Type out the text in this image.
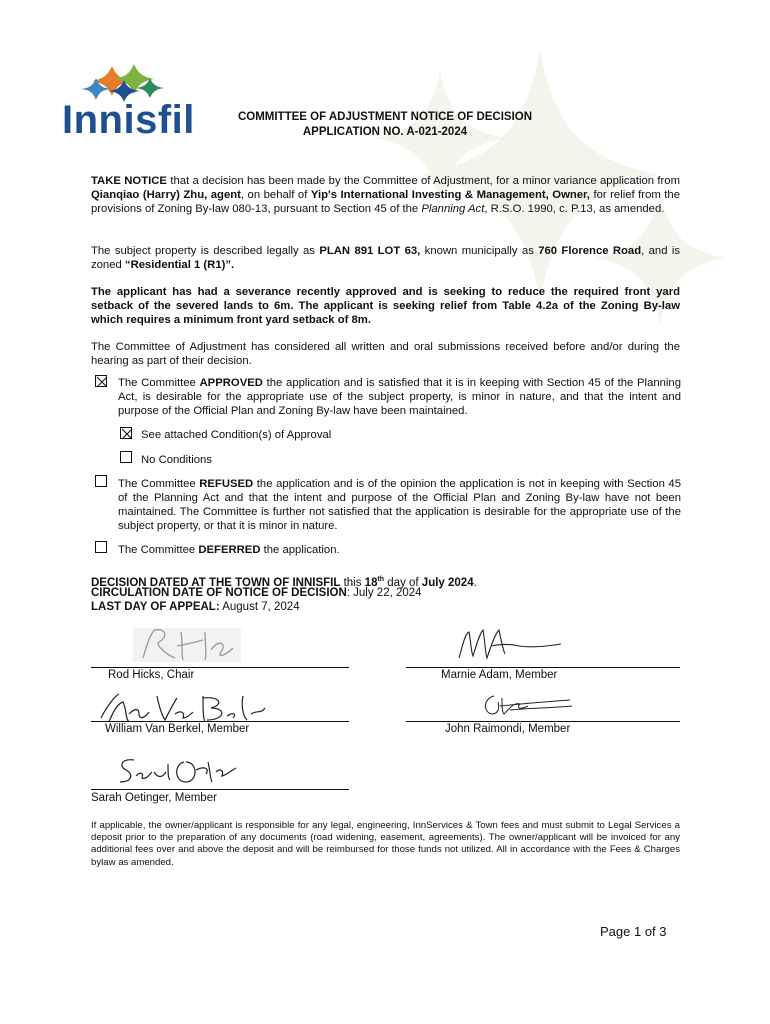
Innisfil	COMMITTEE OF ADJUSTMENT NOTICE OF DECISION
APPLICATION NO. A-021-2024
TAKE NOTICE that a decision has been made by the Committee of Adjustment, for a minor variance application from Qianqiao (Harry) Zhu, agent, on behalf of Yip's International Investing & Management, Owner, for relief from the provisions of Zoning By-law 080-13, pursuant to Section 45 of the Planning Act, R.S.O. 1990, c. P.13, as amended.
The subject property is described legally as PLAN 891 LOT 63, known municipally as 760 Florence Road, and is zoned “Residential 1 (R1)”.
The applicant has had a severance recently approved and is seeking to reduce the required front yard setback of the severed lands to 6m. The applicant is seeking relief from Table 4.2a of the Zoning By-law which requires a minimum front yard setback of 8m.
The Committee of Adjustment has considered all written and oral submissions received before and/or during the hearing as part of their decision.
The Committee APPROVED the application and is satisfied that it is in keeping with Section 45 of the Planning Act, is desirable for the appropriate use of the subject property, is minor in nature, and that the intent and purpose of the Official Plan and Zoning By-law have been maintained.
See attached Condition(s) of Approval
No Conditions
The Committee REFUSED the application and is of the opinion the application is not in keeping with Section 45 of the Planning Act and that the intent and purpose of the Official Plan and Zoning By-law have not been maintained. The Committee is further not satisfied that the application is desirable for the appropriate use of the subject property, or that it is minor in nature.
The Committee DEFERRED the application.
DECISION DATED AT THE TOWN OF INNISFIL this 18th day of July 2024.
CIRCULATION DATE OF NOTICE OF DECISION: July 22, 2024
LAST DAY OF APPEAL: August 7, 2024
Rod Hicks, Chair	Marnie Adam, Member
William Van Berkel, Member	John Raimondi, Member
Sarah Oetinger, Member
If applicable, the owner/applicant is responsible for any legal, engineering, InnServices & Town fees and must submit to Legal Services a deposit prior to the preparation of any documents (road widening, easement, agreements). The owner/applicant will be invoiced for any additional fees over and above the deposit and will be reimbursed for those funds not utilized. All in accordance with the Fees & Charges bylaw as amended.
Page 1 of 3
